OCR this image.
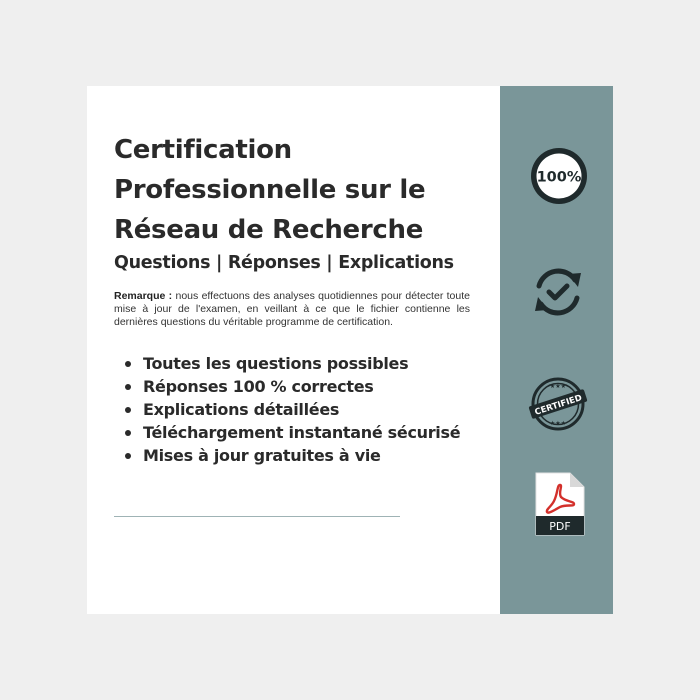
Certification Professionnelle sur le Réseau de Recherche
Questions | Réponses | Explications

Remarque : nous effectuons des analyses quotidiennes pour détecter toute mise à jour de l'examen, en veillant à ce que le fichier contienne les dernières questions du véritable programme de certification.

Toutes les questions possibles
Réponses 100 % correctes
Explications détaillées
Téléchargement instantané sécurisé
Mises à jour gratuites à vie
100%
CERTIFIED
★★★
★★★
PDF
